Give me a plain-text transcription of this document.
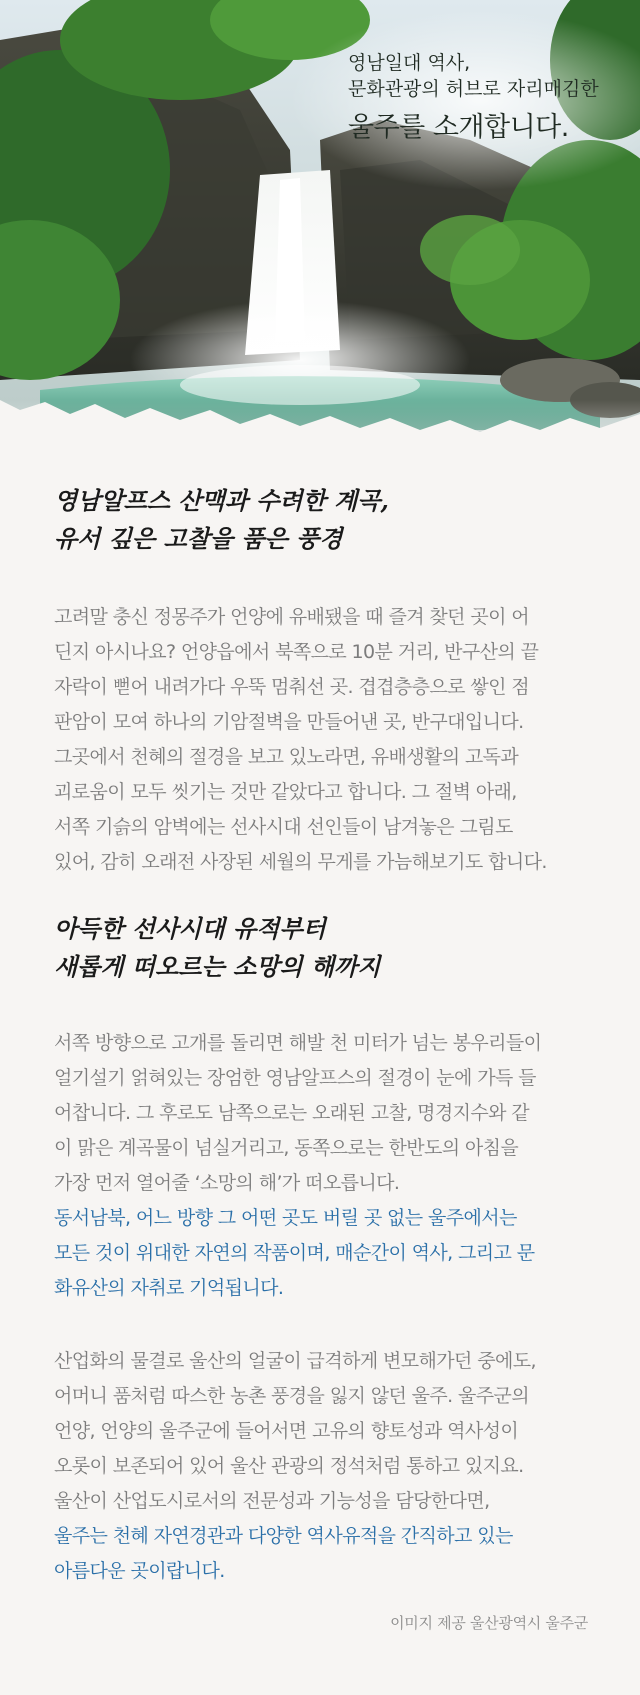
영남일대 역사,

문화관광의 허브로 자리매김한

울주를 소개합니다.
영남알프스 산맥과 수려한 계곡,
유서 깊은 고찰을 품은 풍경
고려말 충신 정몽주가 언양에 유배됐을 때 즐겨 찾던 곳이 어
딘지 아시나요? 언양읍에서 북쪽으로 10분 거리, 반구산의 끝
자락이 뻗어 내려가다 우뚝 멈춰선 곳. 겹겹층층으로 쌓인 점
판암이 모여 하나의 기암절벽을 만들어낸 곳, 반구대입니다.
그곳에서 천혜의 절경을 보고 있노라면, 유배생활의 고독과
괴로움이 모두 씻기는 것만 같았다고 합니다. 그 절벽 아래,
서쪽 기슭의 암벽에는 선사시대 선인들이 남겨놓은 그림도
있어, 감히 오래전 사장된 세월의 무게를 가늠해보기도 합니다.
아득한 선사시대 유적부터
새롭게 떠오르는 소망의 해까지
서쪽 방향으로 고개를 돌리면 해발 천 미터가 넘는 봉우리들이
얼기설기 얽혀있는 장엄한 영남알프스의 절경이 눈에 가득 들
어찹니다. 그 후로도 남쪽으로는 오래된 고찰, 명경지수와 같
이 맑은 계곡물이 넘실거리고, 동쪽으로는 한반도의 아침을
가장 먼저 열어줄 ‘소망의 해’가 떠오릅니다.
동서남북, 어느 방향 그 어떤 곳도 버릴 곳 없는 울주에서는
모든 것이 위대한 자연의 작품이며, 매순간이 역사, 그리고 문
화유산의 자취로 기억됩니다.
산업화의 물결로 울산의 얼굴이 급격하게 변모해가던 중에도,
어머니 품처럼 따스한 농촌 풍경을 잃지 않던 울주. 울주군의
언양, 언양의 울주군에 들어서면 고유의 향토성과 역사성이
오롯이 보존되어 있어 울산 관광의 정석처럼 통하고 있지요.
울산이 산업도시로서의 전문성과 기능성을 담당한다면,
울주는 천혜 자연경관과 다양한 역사유적을 간직하고 있는
아름다운 곳이랍니다.
이미지 제공 울산광역시 울주군
